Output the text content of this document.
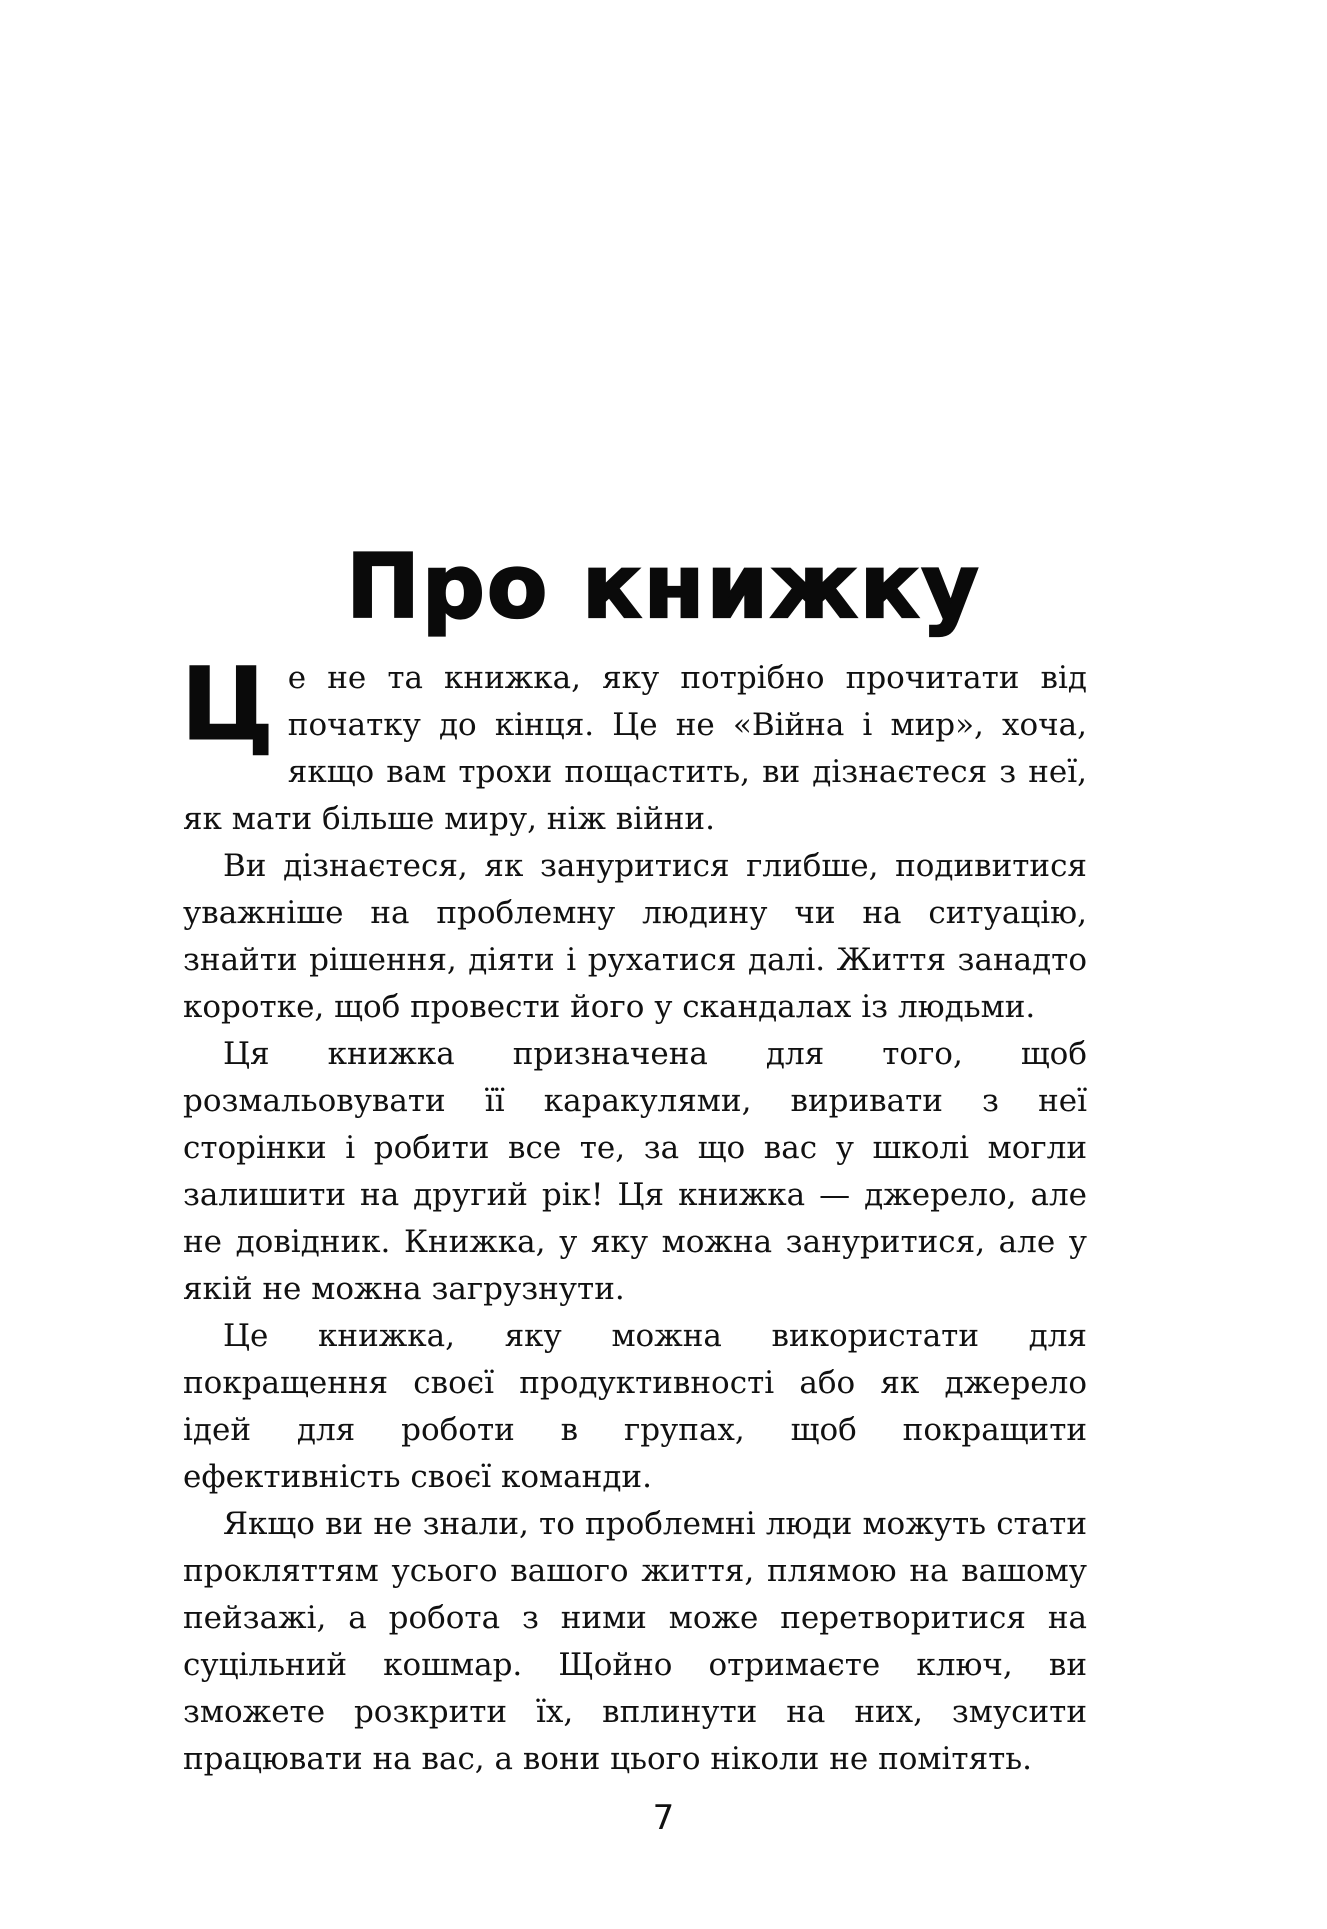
Про книжку

Це не та книжка, яку потрібно прочитати від початку до кінця. Це не «Війна і мир», хоча, якщо вам трохи пощастить, ви дізнаєтеся з неї, як мати більше миру, ніж війни.

Ви дізнаєтеся, як зануритися глибше, подивитися уважніше на проблемну людину чи на ситуацію, знайти рішення, діяти і рухатися далі. Життя занадто коротке, щоб провести його у скандалах із людьми.

Ця книжка призначена для того, щоб розмальовувати її каракулями, виривати з неї сторінки і робити все те, за що вас у школі могли залишити на другий рік! Ця книжка — джерело, але не довідник. Книжка, у яку можна зануритися, але у якій не можна загрузнути.

Це книжка, яку можна використати для покращення своєї продуктивності або як джерело ідей для роботи в групах, щоб покращити ефективність своєї команди.

Якщо ви не знали, то проблемні люди можуть стати прокляттям усього вашого життя, плямою на вашому пейзажі, а робота з ними може перетворитися на суцільний кошмар. Щойно отримаєте ключ, ви зможете розкрити їх, вплинути на них, змусити працювати на вас, а вони цього ніколи не помітять.

7
